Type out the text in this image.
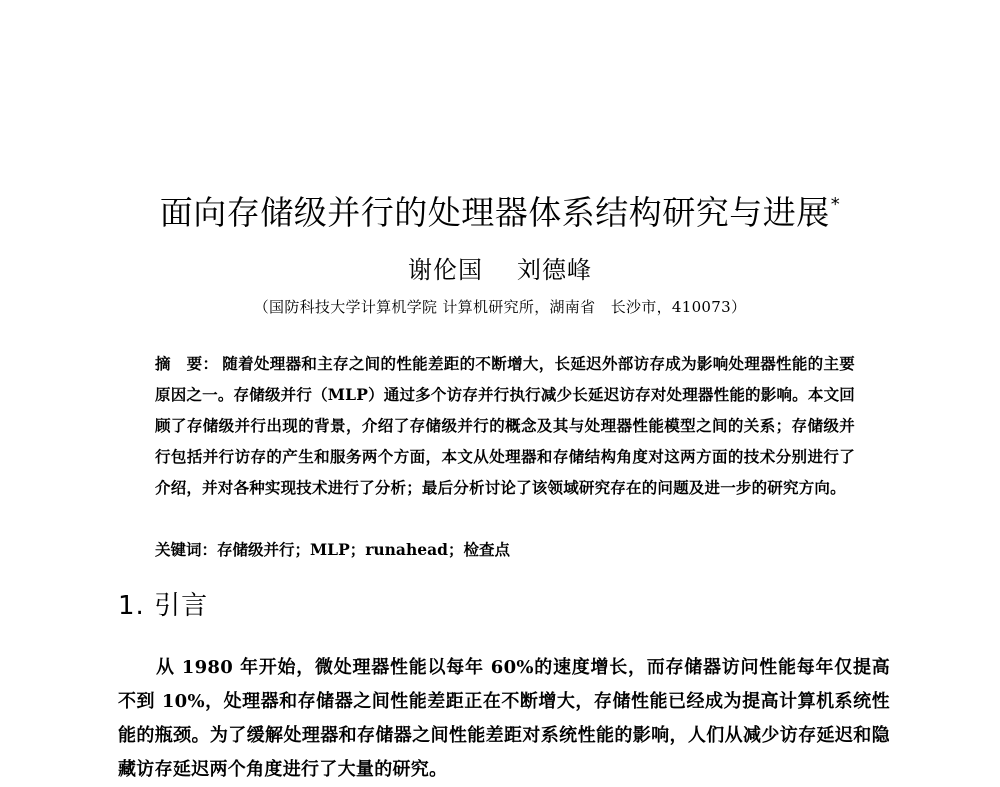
面向存储级并行的处理器体系结构研究与进展*
谢伦国 刘德峰
（国防科技大学计算机学院 计算机研究所，湖南省　长沙市，410073）
摘　要： 随着处理器和主存之间的性能差距的不断增大，长延迟外部访存成为影响处理器性能的主要原因之一。存储级并行（MLP）通过多个访存并行执行减少长延迟访存对处理器性能的影响。本文回顾了存储级并行出现的背景，介绍了存储级并行的概念及其与处理器性能模型之间的关系；存储级并行包括并行访存的产生和服务两个方面，本文从处理器和存储结构角度对这两方面的技术分别进行了介绍，并对各种实现技术进行了分析；最后分析讨论了该领域研究存在的问题及进一步的研究方向。
关键词：存储级并行；MLP；runahead；检查点
1. 引言
从 1980 年开始，微处理器性能以每年 60%的速度增长，而存储器访问性能每年仅提高不到 10%，处理器和存储器之间性能差距正在不断增大，存储性能已经成为提高计算机系统性能的瓶颈。为了缓解处理器和存储器之间性能差距对系统性能的影响，人们从减少访存延迟和隐藏访存延迟两个角度进行了大量的研究。
